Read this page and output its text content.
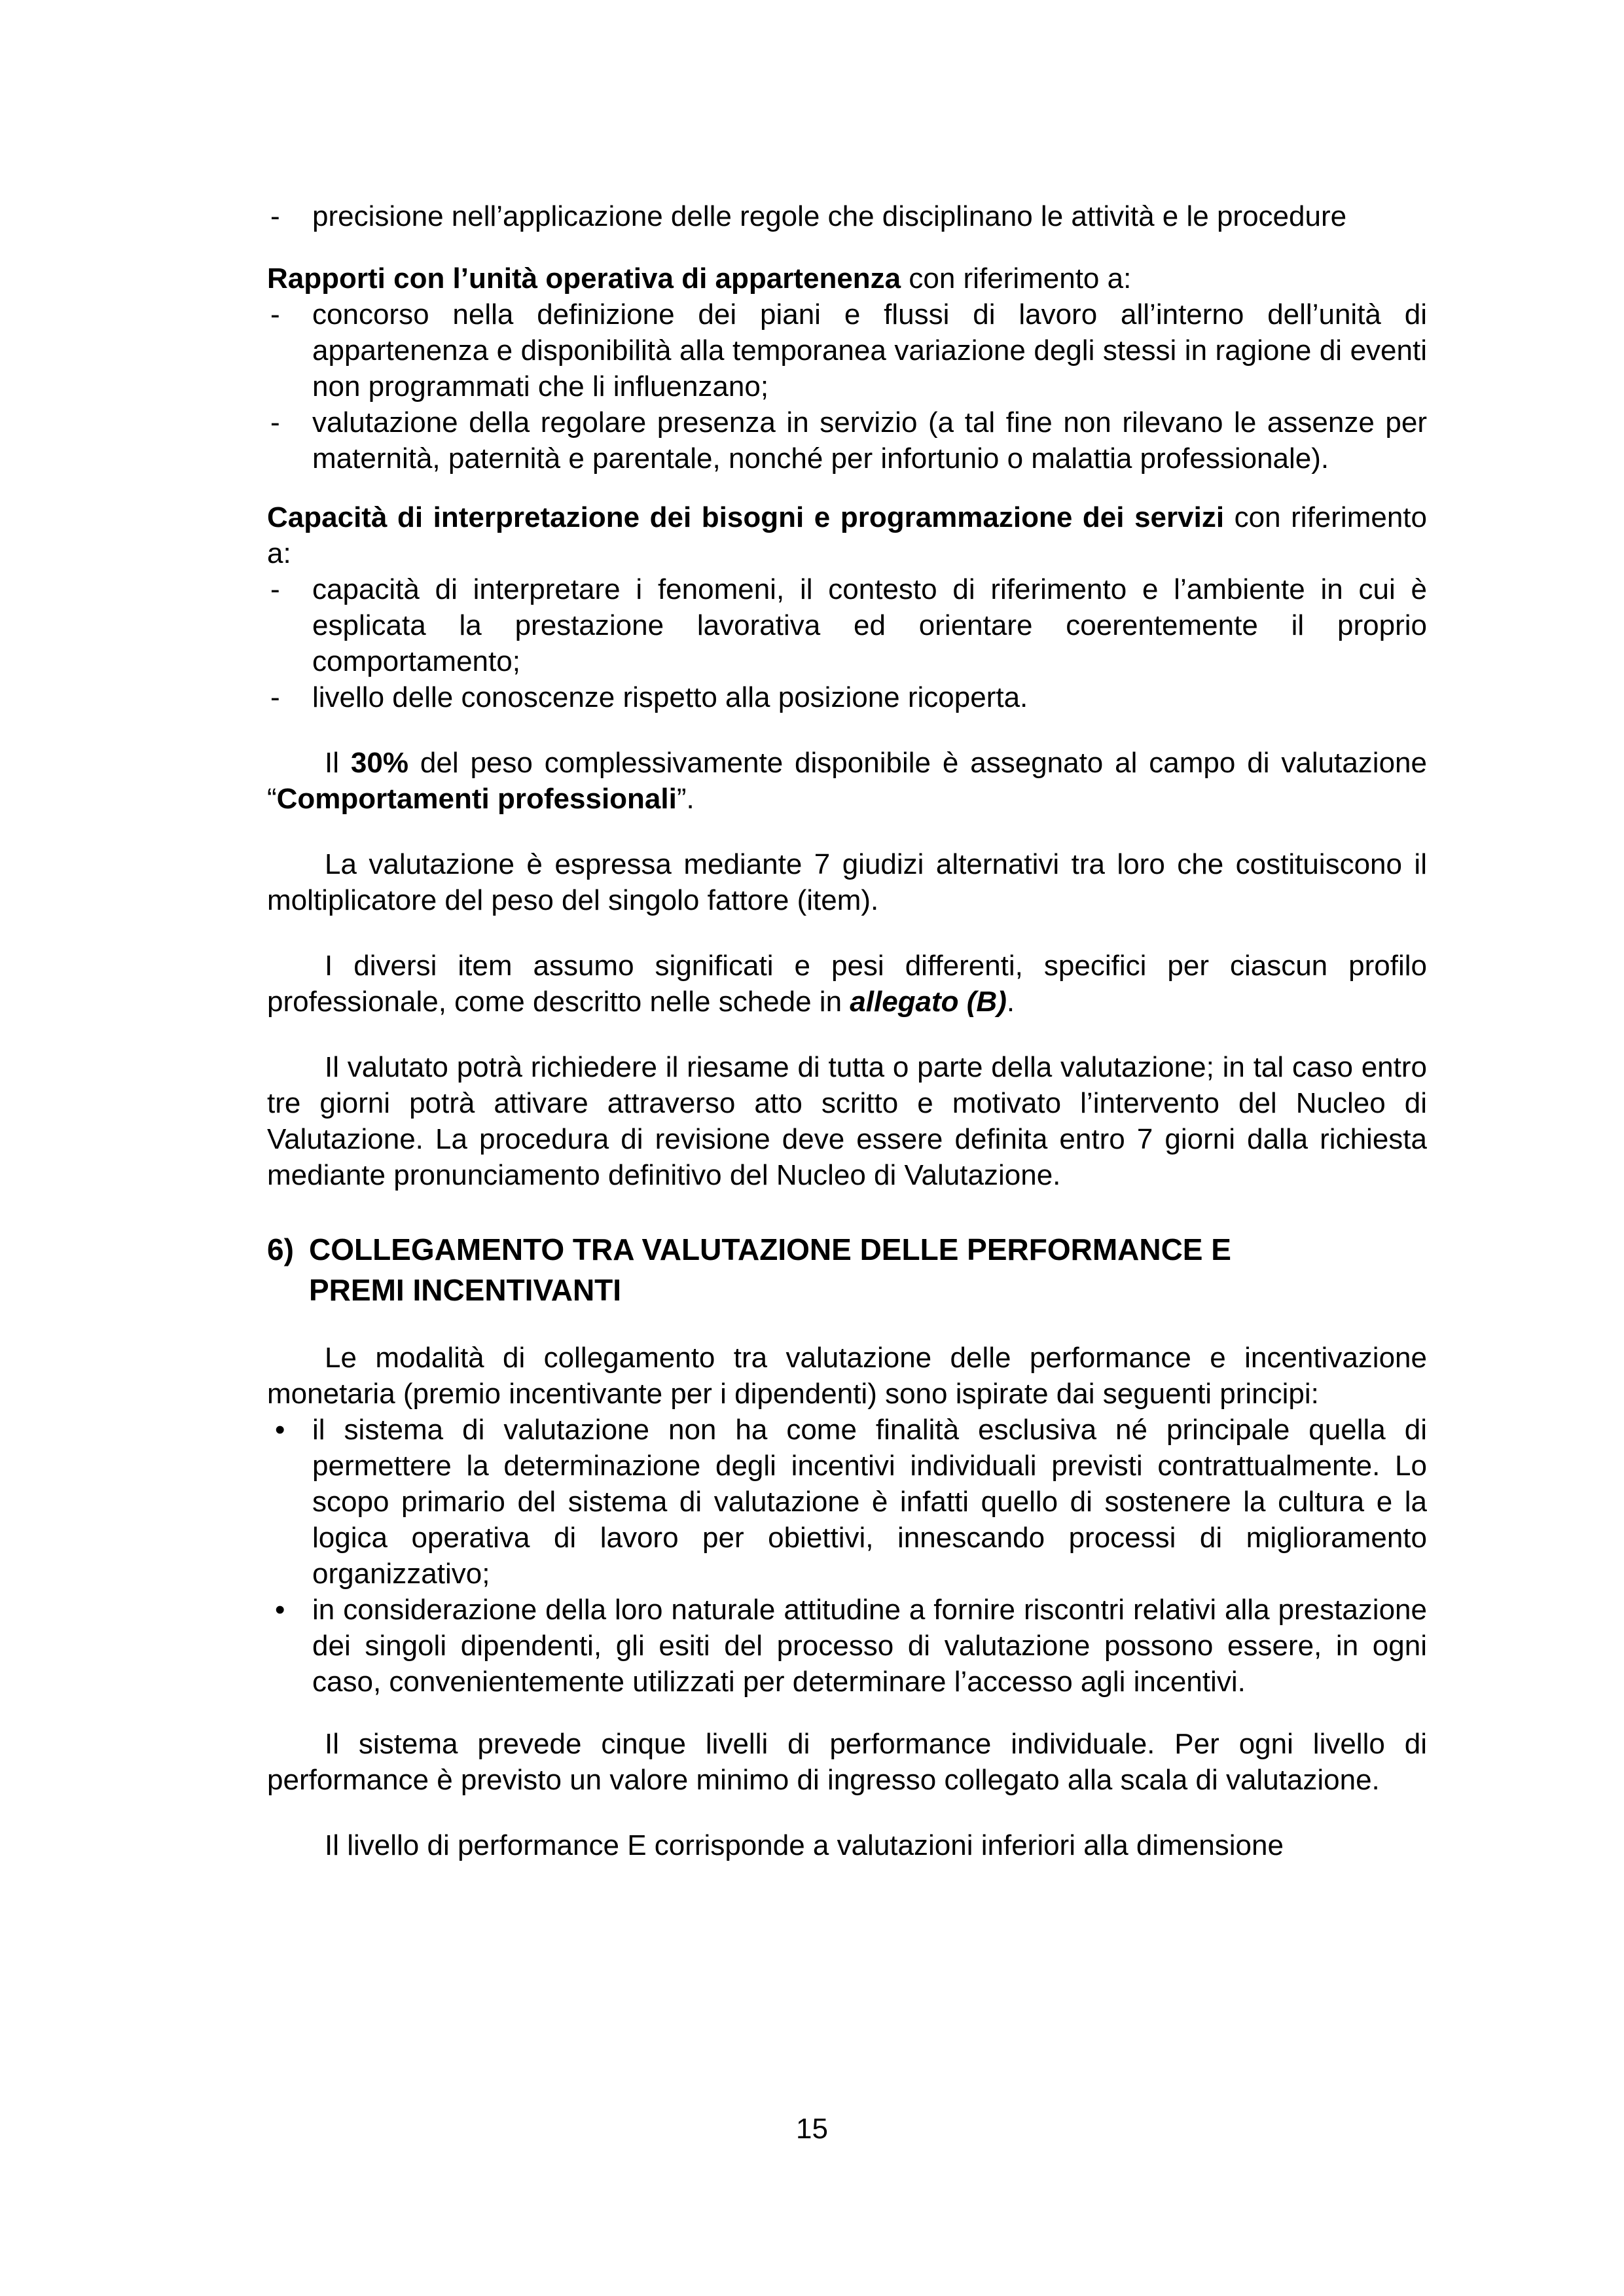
- precisione nell’applicazione delle regole che disciplinano le attività e le procedure
Rapporti con l’unità operativa di appartenenza con riferimento a:
- concorso nella definizione dei piani e flussi di lavoro all’interno dell’unità di appartenenza e disponibilità alla temporanea variazione degli stessi in ragione di eventi non programmati che li influenzano;
- valutazione della regolare presenza in servizio (a tal fine non rilevano le assenze per maternità, paternità e parentale, nonché per infortunio o malattia professionale).
Capacità di interpretazione dei bisogni e programmazione dei servizi con riferimento a:
- capacità di interpretare i fenomeni, il contesto di riferimento e l’ambiente in cui è esplicata la prestazione lavorativa ed orientare coerentemente il proprio comportamento;
- livello delle conoscenze rispetto alla posizione ricoperta.
Il 30% del peso complessivamente disponibile è assegnato al campo di valutazione “Comportamenti professionali”.
La valutazione è espressa mediante 7 giudizi alternativi tra loro che costituiscono il moltiplicatore del peso del singolo fattore (item).
I diversi item assumo significati e pesi differenti, specifici per ciascun profilo professionale, come descritto nelle schede in allegato (B).
Il valutato potrà richiedere il riesame di tutta o parte della valutazione; in tal caso entro tre giorni potrà attivare attraverso atto scritto e motivato l’intervento del Nucleo di Valutazione. La procedura di revisione deve essere definita entro 7 giorni dalla richiesta mediante pronunciamento definitivo del Nucleo di Valutazione.
6) COLLEGAMENTO TRA VALUTAZIONE DELLE PERFORMANCE E
PREMI INCENTIVANTI
Le modalità di collegamento tra valutazione delle performance e incentivazione monetaria (premio incentivante per i dipendenti) sono ispirate dai seguenti principi:
• il sistema di valutazione non ha come finalità esclusiva né principale quella di permettere la determinazione degli incentivi individuali previsti contrattualmente. Lo scopo primario del sistema di valutazione è infatti quello di sostenere la cultura e la logica operativa di lavoro per obiettivi, innescando processi di miglioramento organizzativo;
• in considerazione della loro naturale attitudine a fornire riscontri relativi alla prestazione dei singoli dipendenti, gli esiti del processo di valutazione possono essere, in ogni caso, convenientemente utilizzati per determinare l’accesso agli incentivi.
Il sistema prevede cinque livelli di performance individuale. Per ogni livello di performance è previsto un valore minimo di ingresso collegato alla scala di valutazione.
Il livello di performance E corrisponde a valutazioni inferiori alla dimensione
15
